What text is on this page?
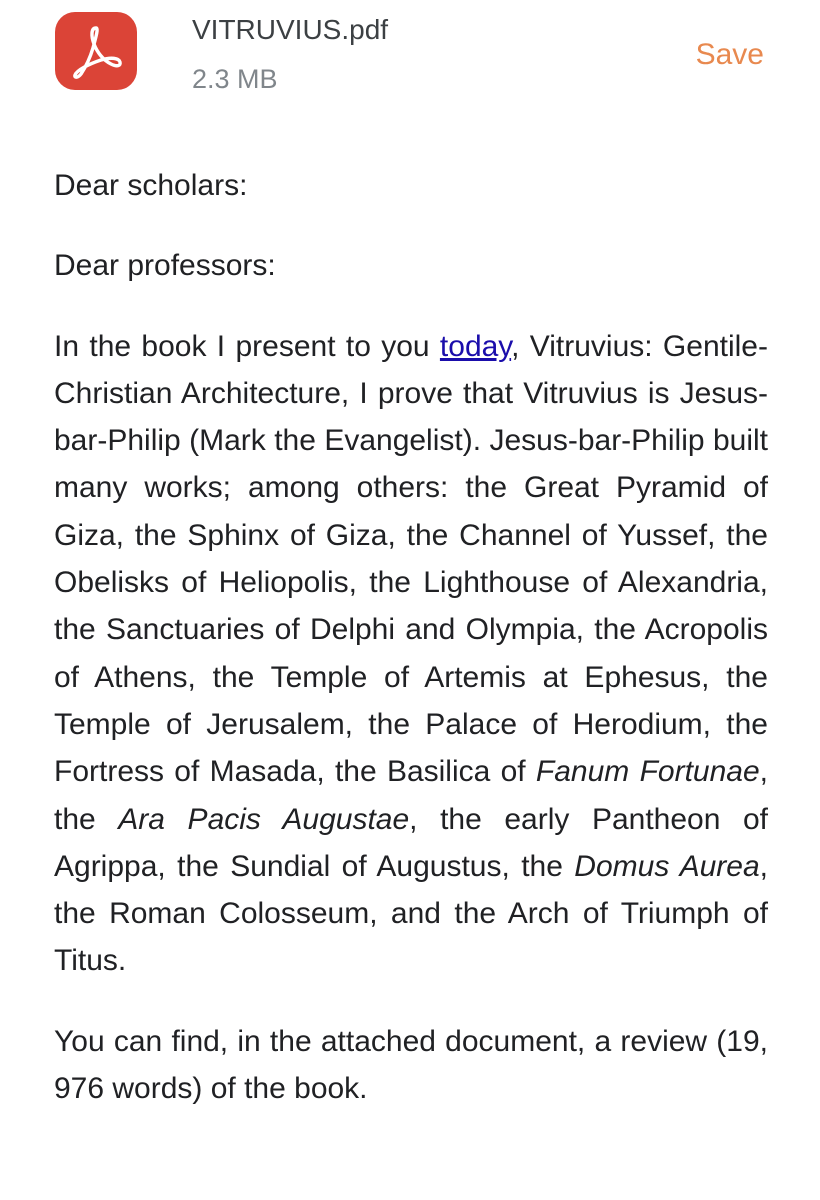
VITRUVIUS.pdf
2.3 MB
Save

Dear scholars:

Dear professors:

In the book I present to you today, Vitruvius: Gentile-Christian Architecture, I prove that Vitruvius is Jesus-bar-Philip (Mark the Evangelist). Jesus-bar-Philip built many works; among others: the Great Pyramid of Giza, the Sphinx of Giza, the Channel of Yussef, the Obelisks of Heliopolis, the Lighthouse of Alexandria, the Sanctuaries of Delphi and Olympia, the Acropolis of Athens, the Temple of Artemis at Ephesus, the Temple of Jerusalem, the Palace of Herodium, the Fortress of Masada, the Basilica of Fanum Fortunae, the Ara Pacis Augustae, the early Pantheon of Agrippa, the Sundial of Augustus, the Domus Aurea, the Roman Colosseum, and the Arch of Triumph of Titus.

You can find, in the attached document, a review (19, 976 words) of the book.
